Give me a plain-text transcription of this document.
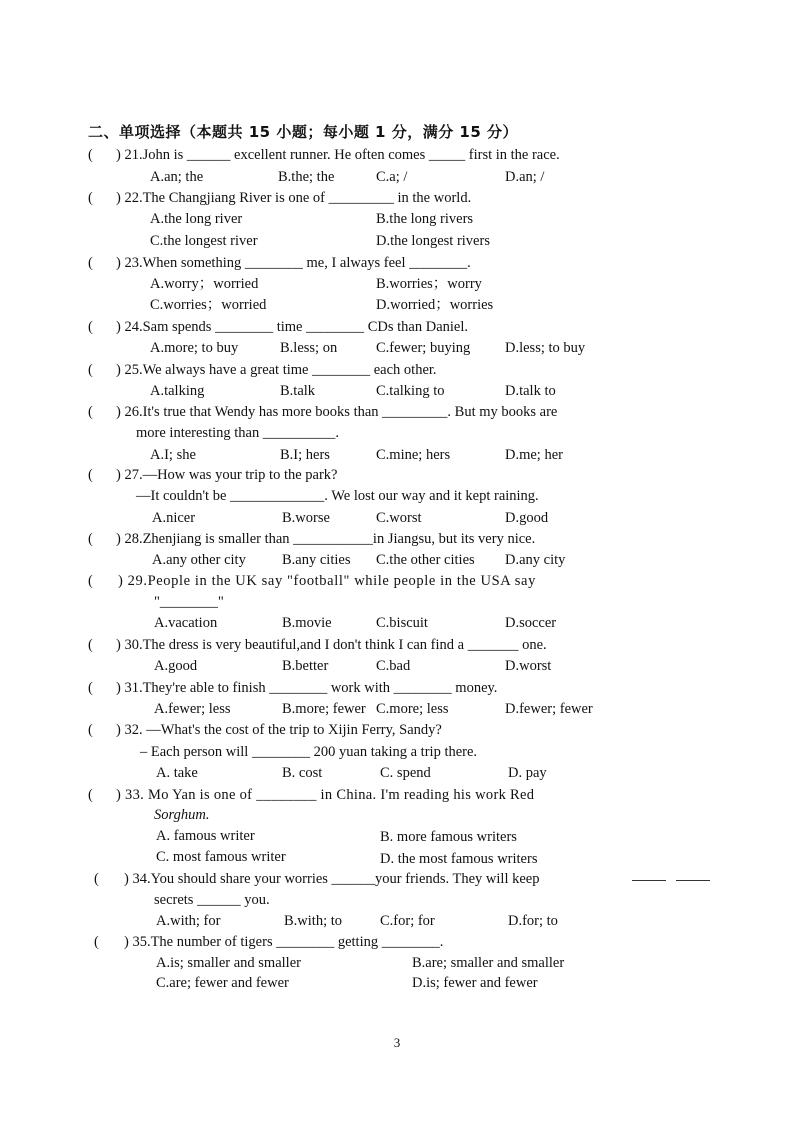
二、单项选择（本题共 15 小题；每小题 1 分，满分 15 分）
( ) 21.John is ______ excellent runner. He often comes _____ first in the race.
A.an; the	B.the; the	C.a; /	D.an; /
( ) 22.The Changjiang River is one of _________ in the world.
A.the long river	B.the long rivers
C.the longest river	D.the longest rivers
( ) 23.When something ________ me, I always feel ________.
A.worry；worried	B.worries；worry
C.worries；worried	D.worried；worries
( ) 24.Sam spends ________ time ________ CDs than Daniel.
A.more; to buy	B.less; on	C.fewer; buying D.less; to buy
( ) 25.We always have a great time ________ each other.
A.talking	B.talk	C.talking to	D.talk to
( ) 26.It's true that Wendy has more books than _________. But my books are
more interesting than __________.
A.I; she	B.I; hers	C.mine; hers	D.me; her
( ) 27.—How was your trip to the park?
—It couldn't be _____________. We lost our way and it kept raining.
A.nicer	B.worse	C.worst	D.good
( ) 28.Zhenjiang is smaller than ___________in Jiangsu, but its very nice.
A.any other city B.any cities C.the other cities D.any city
( ) 29.People in the UK say "football" while people in the USA say
"________"
A.vacation	B.movie	C.biscuit	D.soccer
( ) 30.The dress is very beautiful,and I don't think I can find a _______ one.
A.good	B.better	C.bad	D.worst
( ) 31.They're able to finish ________ work with ________ money.
A.fewer; less	B.more; fewer C.more; less	D.fewer; fewer
( ) 32. —What's the cost of the trip to Xijin Ferry, Sandy?
– Each person will ________ 200 yuan taking a trip there.
A. take	B. cost	C. spend	D. pay
( ) 33. Mo Yan is one of ________ in China. I'm reading his work Red
Sorghum.
A. famous writer	B. more famous writers
C. most famous writer	D. the most famous writers
( ) 34.You should share your worries ______your friends. They will keep
secrets ______ you.
A.with; for	B.with; to	C.for; for	D.for; to
( ) 35.The number of tigers ________ getting ________.
A.is; smaller and smaller	B.are; smaller and smaller
C.are; fewer and fewer	D.is; fewer and fewer
3
